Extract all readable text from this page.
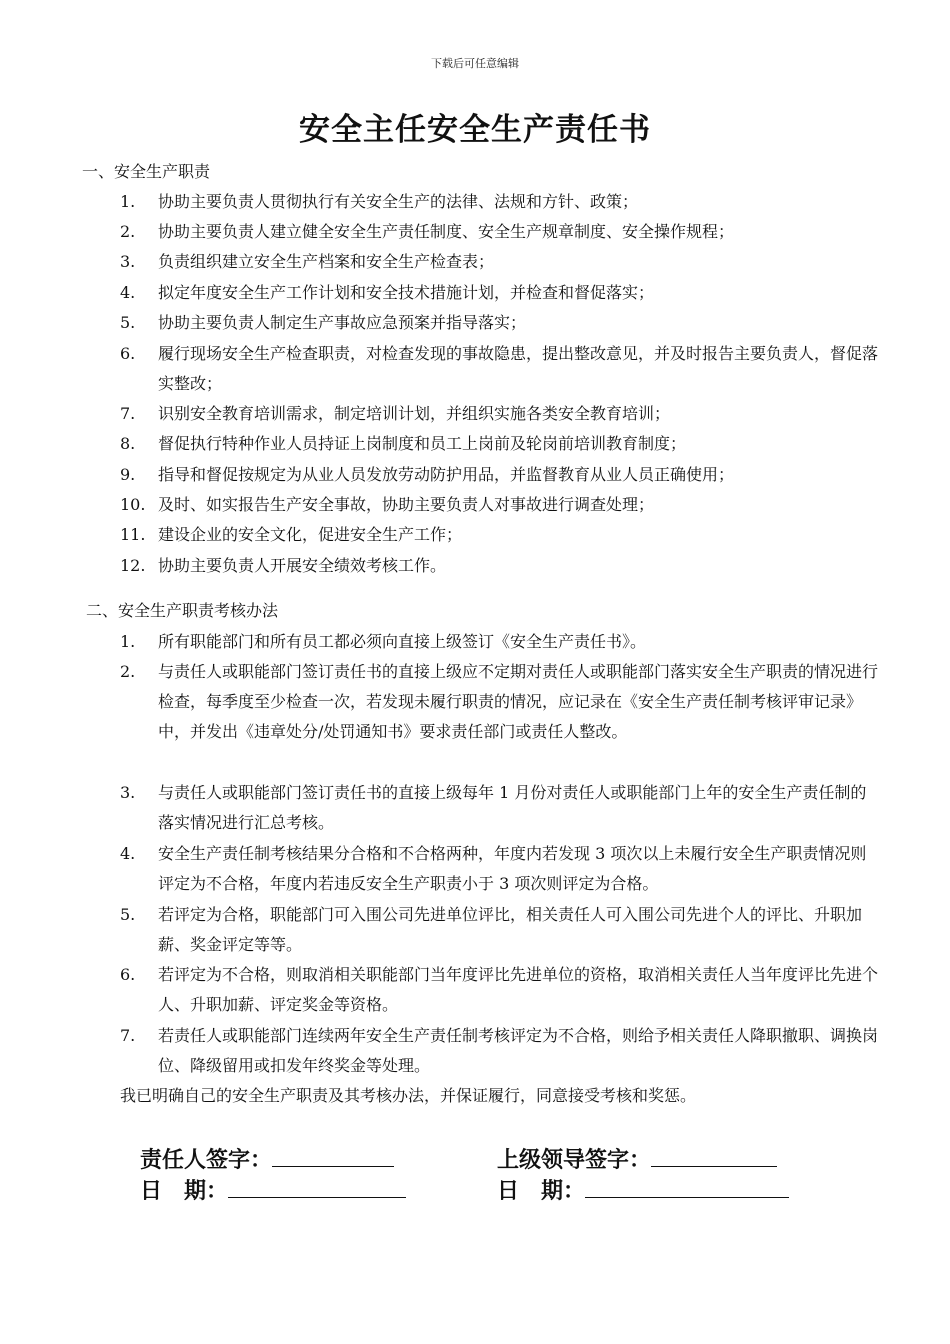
下载后可任意编辑
安全主任安全生产责任书
一、安全生产职责
1.	协助主要负责人贯彻执行有关安全生产的法律、法规和方针、政策；
2.	协助主要负责人建立健全安全生产责任制度、安全生产规章制度、安全操作规程；
3.	负责组织建立安全生产档案和安全生产检查表；
4.	拟定年度安全生产工作计划和安全技术措施计划，并检查和督促落实；
5.	协助主要负责人制定生产事故应急预案并指导落实；
6.	履行现场安全生产检查职责，对检查发现的事故隐患，提出整改意见，并及时报告主要负责人，督促落实整改；
7.	识别安全教育培训需求，制定培训计划，并组织实施各类安全教育培训；
8.	督促执行特种作业人员持证上岗制度和员工上岗前及轮岗前培训教育制度；
9.	指导和督促按规定为从业人员发放劳动防护用品，并监督教育从业人员正确使用；
10. 及时、如实报告生产安全事故，协助主要负责人对事故进行调查处理；
11. 建设企业的安全文化，促进安全生产工作；
12. 协助主要负责人开展安全绩效考核工作。
二、安全生产职责考核办法
1.	所有职能部门和所有员工都必须向直接上级签订《安全生产责任书》。
2.	与责任人或职能部门签订责任书的直接上级应不定期对责任人或职能部门落实安全生产职责的情况进行检查，每季度至少检查一次，若发现未履行职责的情况，应记录在《安全生产责任制考核评审记录》中，并发出《违章处分/处罚通知书》要求责任部门或责任人整改。
3.	与责任人或职能部门签订责任书的直接上级每年 1 月份对责任人或职能部门上年的安全生产责任制的落实情况进行汇总考核。
4.	安全生产责任制考核结果分合格和不合格两种，年度内若发现 3 项次以上未履行安全生产职责情况则评定为不合格，年度内若违反安全生产职责小于 3 项次则评定为合格。
5.	若评定为合格，职能部门可入围公司先进单位评比，相关责任人可入围公司先进个人的评比、升职加薪、奖金评定等等。
6.	若评定为不合格，则取消相关职能部门当年度评比先进单位的资格，取消相关责任人当年度评比先进个人、升职加薪、评定奖金等资格。
7.	若责任人或职能部门连续两年安全生产责任制考核评定为不合格，则给予相关责任人降职撤职、调换岗位、降级留用或扣发年终奖金等处理。
我已明确自己的安全生产职责及其考核办法，并保证履行，同意接受考核和奖惩。
责任人签字：	上级领导签字：
日　期：	日　期：
